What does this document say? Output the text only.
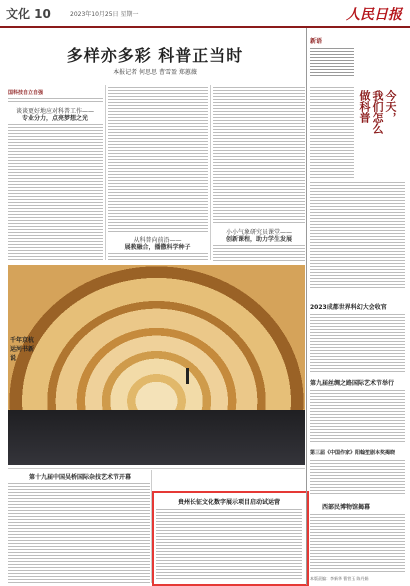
文化 10	2023年10月25日 星期一	人民日报
多样亦多彩 科普正当时
本报记者 何思思 曹雪盈 郑蕙薇
国科技自立自强
谈谈更好地应对科普工作——
专业分力，点亮梦想之光
从科普向前沿——
展教融合，播撒科学种子
小小气象研究员课堂——
创新课程，助力学生发展
千年京杭运河书新说
第十九届中国吴桥国际杂技艺术节开幕
贵州长征文化数字展示项目启动试运营
新语
今天，
我们怎么
做科普
2023成都世界科幻大会收官
第九届丝绸之路国际艺术节举行
第三届《中国作家》阳翰笙剧本奖揭晓
西部民博物馆揭幕
本版责编：李新华 曹营玉 陈丹娟
